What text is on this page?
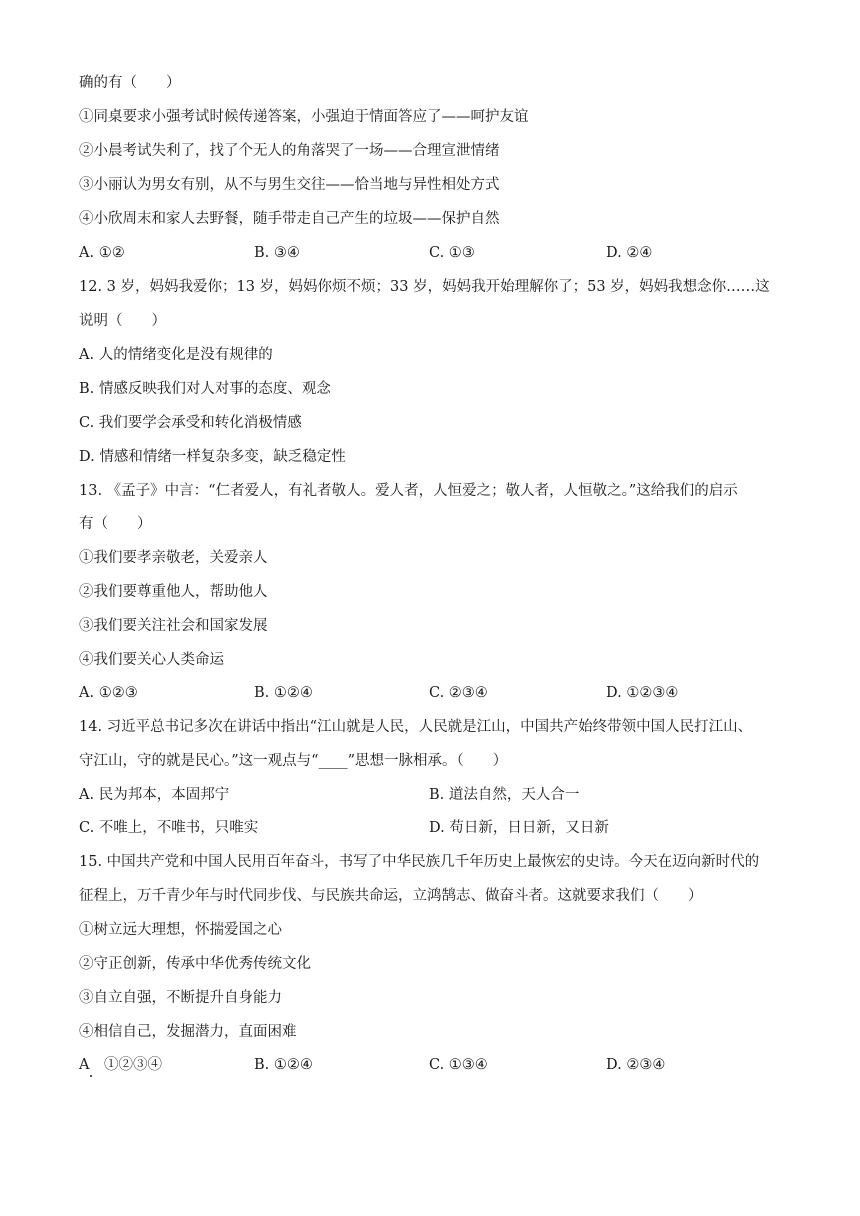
确的有（　　）
①同桌要求小强考试时候传递答案，小强迫于情面答应了——呵护友谊
②小晨考试失利了，找了个无人的角落哭了一场——合理宣泄情绪
③小丽认为男女有别，从不与男生交往——恰当地与异性相处方式
④小欣周末和家人去野餐，随手带走自己产生的垃圾——保护自然
A. ①②	B. ③④	C. ①③	D. ②④
12. 3 岁，妈妈我爱你；13 岁，妈妈你烦不烦；33 岁，妈妈我开始理解你了；53 岁，妈妈我想念你……这
说明（　　）
A. 人的情绪变化是没有规律的
B. 情感反映我们对人对事的态度、观念
C. 我们要学会承受和转化消极情感
D. 情感和情绪一样复杂多变，缺乏稳定性
13. 《孟子》中言：“仁者爱人，有礼者敬人。爱人者，人恒爱之；敬人者，人恒敬之。”这给我们的启示
有（　　）
①我们要孝亲敬老，关爱亲人
②我们要尊重他人，帮助他人
③我们要关注社会和国家发展
④我们要关心人类命运
A. ①②③	B. ①②④	C. ②③④	D. ①②③④
14. 习近平总书记多次在讲话中指出“江山就是人民，人民就是江山，中国共产始终带领中国人民打江山、
守江山，守的就是民心。”这一观点与“____”思想一脉相承。（　　）
A. 民为邦本，本固邦宁	B. 道法自然，天人合一
C. 不唯上，不唯书，只唯实	D. 苟日新，日日新，又日新
15. 中国共产党和中国人民用百年奋斗，书写了中华民族几千年历史上最恢宏的史诗。今天在迈向新时代的
征程上，万千青少年与时代同步伐、与民族共命运，立鸿鹄志、做奋斗者。这就要求我们（　　）
①树立远大理想，怀揣爱国之心
②守正创新，传承中华优秀传统文化
③自立自强，不断提升自身能力
④相信自己，发掘潜力，直面困难
A　①②③④	B. ①②④	C. ①③④	D. ②③④
